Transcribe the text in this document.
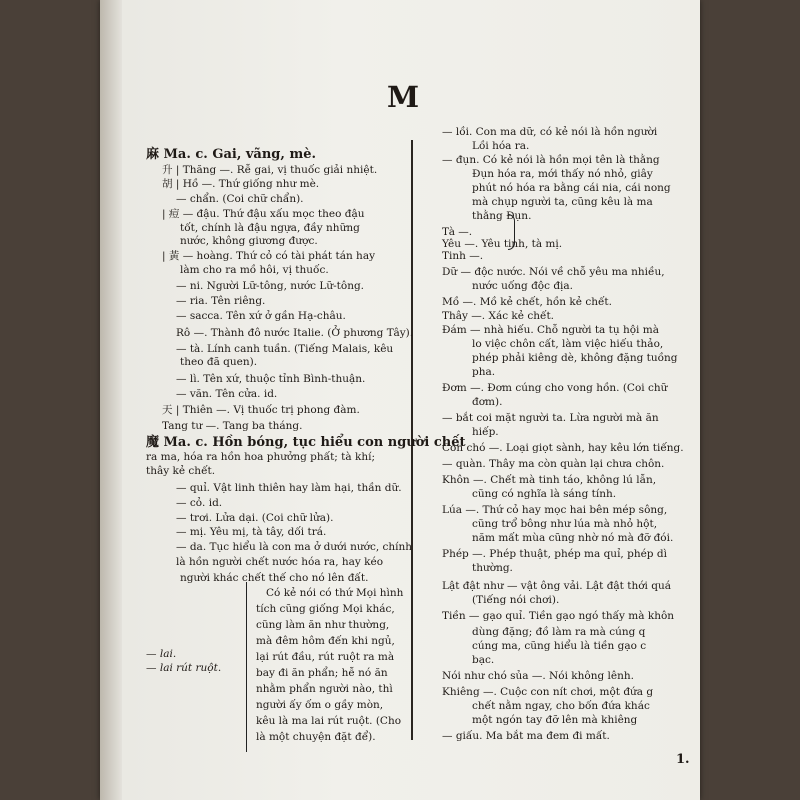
M
麻 Ma. c. Gai, vãng, mè.
升 | Thăng —. Rễ gai, vị thuốc giải nhiệt.
胡 | Hồ —. Thứ giống như mè.
— chẩn. (Coi chữ chẩn).
| 痘 — đậu. Thứ đậu xấu mọc theo đậu
tốt, chính là đậu ngựa, đầy những
nước, không giương được.
| 黃 — hoàng. Thứ cỏ có tài phát tán hay
làm cho ra mồ hôi, vị thuốc.
— ni. Người Lữ-tông, nước Lữ-tông.
— ria. Tên riêng.
— sacca. Tên xứ ở gần Hạ-châu.
Rô —. Thành đô nước Italie. (Ở phương Tây).
— tà. Lính canh tuần. (Tiếng Malais, kêu
theo đã quen).
— lì. Tên xứ, thuộc tỉnh Bình-thuận.
— văn. Tên cửa. id.
天 | Thiên —. Vị thuốc trị phong đàm.
Tang tư —. Tang ba tháng.
魔 Ma. c. Hồn bóng, tục hiểu con người chết
ra ma, hóa ra hồn hoa phưởng phất; tà khí;
thây kẻ chết.
— quỉ. Vật linh thiên hay làm hại, thần dữ.
— cỏ. id.
— trơi. Lửa dại. (Coi chữ lửa).
— mị. Yêu mị, tà tây, dối trá.
— da. Tục hiểu là con ma ở dưới nước, chính
là hồn người chết nước hóa ra, hay kéo
người khác chết thế cho nó lên đất.
Có kẻ nói có thứ Mọi hình
tích cũng giống Mọi khác,
cũng làm ăn như thường,
mà đêm hôm đến khi ngủ,
lại rút đầu, rút ruột ra mà
bay đi ăn phẩn; hễ nó ăn
nhằm phẩn người nào, thì
người ấy ốm o gầy mòn,
kêu là ma lai rút ruột. (Cho
là một chuyện đặt để).
— lai.
— lai rút ruột.
— lồi. Con ma dữ, có kẻ nói là hồn người
Lồi hóa ra.
— đụn. Có kẻ nói là hồn mọi tên là thằng
Đụn hóa ra, mới thấy nó nhỏ, giây
phút nó hóa ra bằng cái nia, cái nong
mà chụp người ta, cũng kêu là ma
thằng Đụn.
Tà —.
Yêu —. Yêu tinh, tà mị.
Tinh —.
Dữ — độc nước. Nói về chỗ yêu ma nhiều,
nước uống độc địa.
Mồ —. Mồ kẻ chết, hồn kẻ chết.
Thây —. Xác kẻ chết.
Đám — nhà hiếu. Chỗ người ta tụ hội mà
lo việc chôn cất, làm việc hiếu thảo,
phép phải kiêng dè, không đặng tuồng
pha.
Đơm —. Đơm cúng cho vong hồn. (Coi chữ
đơm).
— bắt coi mặt người ta. Lừa người mà ăn
hiếp.
Con chó —. Loại giọt sành, hay kêu lớn tiếng.
— quàn. Thây ma còn quàn lại chưa chôn.
Khôn —. Chết mà tinh táo, không lú lẫn,
cũng có nghĩa là sáng tính.
Lúa —. Thứ cỏ hay mọc hai bên mép sông,
cũng trổ bông như lúa mà nhỏ hột,
năm mất mùa cũng nhờ nó mà đỡ đói.
Phép —. Phép thuật, phép ma quỉ, phép dì
thường.
Lật đật như — vật ông vải. Lật đật thới quá
(Tiếng nói chơi).
Tiền — gạo quỉ. Tiền gạo ngó thấy mà khôn
dùng đặng; đồ làm ra mà cúng q
cúng ma, cũng hiểu là tiền gạo c
bạc.
Nói như chó sủa —. Nói không lênh.
Khiêng —. Cuộc con nít chơi, một đứa g
chết nằm ngay, cho bốn đứa khác
một ngón tay đỡ lên mà khiêng
— giấu. Ma bắt ma đem đi mất.
1.
